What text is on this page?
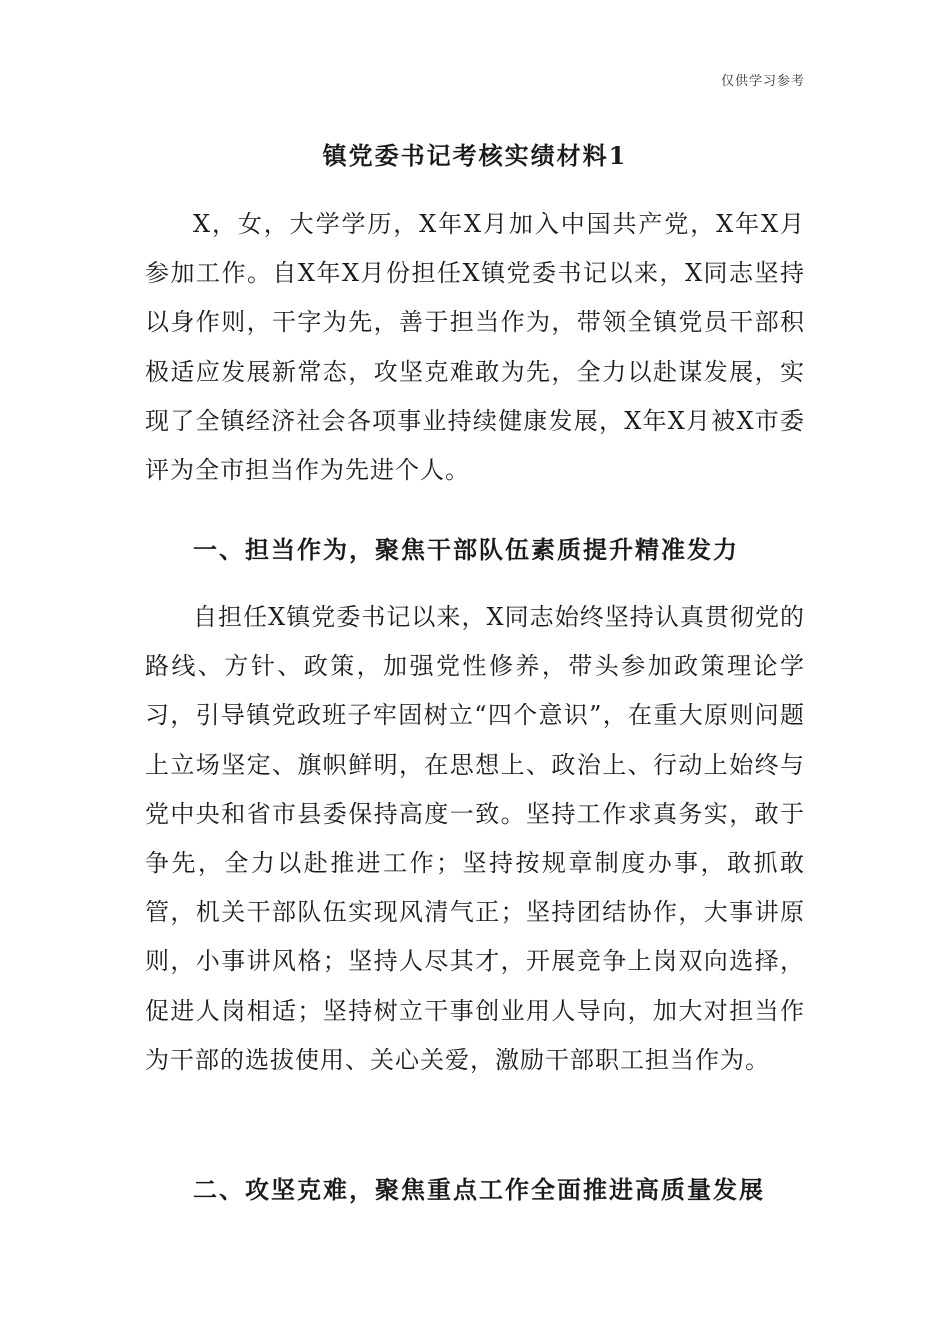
仅供学习参考
镇党委书记考核实绩材料1

X，女，大学学历，X年X月加入中国共产党，X年X月参加工作。自X年X月份担任X镇党委书记以来，X同志坚持以身作则，干字为先，善于担当作为，带领全镇党员干部积极适应发展新常态，攻坚克难敢为先，全力以赴谋发展，实现了全镇经济社会各项事业持续健康发展，X年X月被X市委评为全市担当作为先进个人。

一、担当作为，聚焦干部队伍素质提升精准发力

自担任X镇党委书记以来，X同志始终坚持认真贯彻党的路线、方针、政策，加强党性修养，带头参加政策理论学习，引导镇党政班子牢固树立“四个意识”，在重大原则问题上立场坚定、旗帜鲜明，在思想上、政治上、行动上始终与党中央和省市县委保持高度一致。坚持工作求真务实，敢于争先，全力以赴推进工作；坚持按规章制度办事，敢抓敢管，机关干部队伍实现风清气正；坚持团结协作，大事讲原则，小事讲风格；坚持人尽其才，开展竞争上岗双向选择，促进人岗相适；坚持树立干事创业用人导向，加大对担当作为干部的选拔使用、关心关爱，激励干部职工担当作为。

二、攻坚克难，聚焦重点工作全面推进高质量发展
